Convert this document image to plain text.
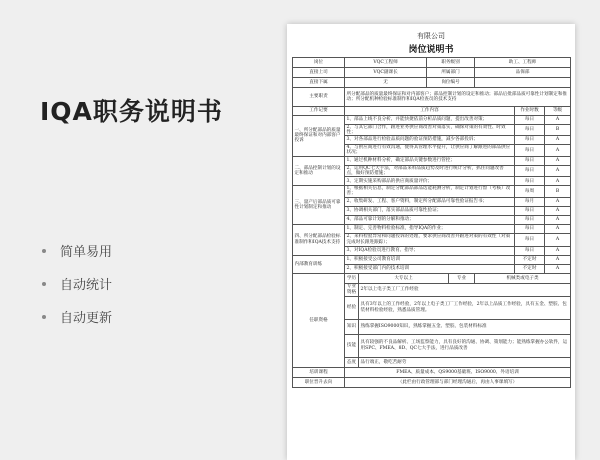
IQA职务说明书
简单易用
自动统计
自动更新
有限公司
岗位说明书
岗位	VQC工程师		职务级别		助工、工程师		
直接上司	VQC副课长		所属部门		品保部		
直接下属	无		岗位编号				
主要职责	所分配部品的质量最终保证和对内部客户；部品控制计划的设定和推动；部品后批部品质可靠性计划制定和推动；所分配机种检验标准制作和IQA检查员的技术支持						
工作记要	工作内容					作业时数	等级
一、所分配部品的质量最终保证和对内部客户投诉	1、部品上线不良分析、并能快捷依前分析品质问题，提出改善对策；					每日	A
	2、与其它部门合作，跟进业务供应商改善对策落实，确保对策的有效性、时效性；					每日	B
	3、对各部品进行检验品质问题的验证预防措施，减少各部投诉；					每日	A
	4、与供应商进行有效沟通，使得其管理水平提升，让供应商了解跟进的部品供应状况；					每日	A
二、部品控制计划的设定和推动	1、通过机种材料分析，确定部品关键参数进行管控；					每日	A
	2、运用QC七大手法，对部品来料品质趋势及时进行统计分析，抓住问题改善点，做好预防措施；					每日	A
	3、定期实施采购部品的供应商质量评价；					每日	A
三、量产后部品质可靠性计划制定和推动	1、根据相关信息，制定分配部品部品选能耗测分析，制定计划进行督（考核）改善；					每周	B
	2、收集研发、工程、客户资料，制定所分配部品可靠性验证报告书；					每月	A
	3、协调相关部门，落实部品品质可靠性验证；					每日	A
	4、部品可靠计划的分解和推动；					每日	A
四、所分配部品检验标准制作和IQA技术支持	1、制定、完善物料检验标准，指导IQA的作业；					每日	A
	2、来料检验异常和问题投诉的处理，要求供应商改善并跟进对策的有效性（对策完成时长跟进跟踪）；					每日	A
	3、对IQA检验员进行教育、指导；					每日	A
内部教育训练	1、积极接受公司教育培训					不定时	A
	2、积极接受部门内的技术培训					不定时	A
任职资格	学历	大专以上		专业	机械类或电子类		
	专业资格	2年以上电子类工厂工作经验					
	经验	具有3年以上的工作经验，2年以上电子类工厂工作经验，2年以上品质工作经验，具有五金、塑胶、包装材料检验经验，熟悉品质管理。					
	知识	熟练掌握ISO9000知识，熟练掌握五金、塑胶、包装材料标准					
	技能	具有较强的不良品解析、工场监察能力，具有良好的沟通、协调、策划能力；能熟练掌握办公软件，运用SPC、FMEA、8D、QC七大手法，进行品质改善					
	态度	品行端正，敬吃苦耐劳					
培训课程	FMEA、质量成本、QS9000基础班、ISO9000、外语培训						
职位晋升去向	（此栏由行政管理部与部门经理沟通后，再由人事课填写）						
